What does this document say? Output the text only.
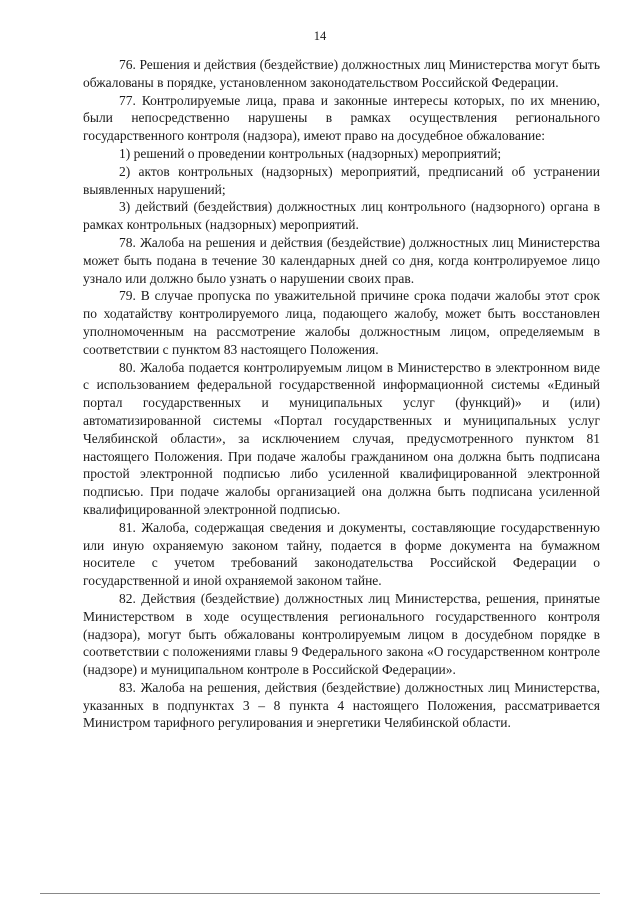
14

76. Решения и действия (бездействие) должностных лиц Министерства могут быть обжалованы в порядке, установленном законодательством Российской Федерации.

77. Контролируемые лица, права и законные интересы которых, по их мнению, были непосредственно нарушены в рамках осуществления регионального государственного контроля (надзора), имеют право на досудебное обжалование:

1) решений о проведении контрольных (надзорных) мероприятий;

2) актов контрольных (надзорных) мероприятий, предписаний об устранении выявленных нарушений;

3) действий (бездействия) должностных лиц контрольного (надзорного) органа в рамках контрольных (надзорных) мероприятий.

78. Жалоба на решения и действия (бездействие) должностных лиц Министерства может быть подана в течение 30 календарных дней со дня, когда контролируемое лицо узнало или должно было узнать о нарушении своих прав.

79. В случае пропуска по уважительной причине срока подачи жалобы этот срок по ходатайству контролируемого лица, подающего жалобу, может быть восстановлен уполномоченным на рассмотрение жалобы должностным лицом, определяемым в соответствии с пунктом 83 настоящего Положения.

80. Жалоба подается контролируемым лицом в Министерство в электронном виде с использованием федеральной государственной информационной системы «Единый портал государственных и муниципальных услуг (функций)» и (или) автоматизированной системы «Портал государственных и муниципальных услуг Челябинской области», за исключением случая, предусмотренного пунктом 81 настоящего Положения. При подаче жалобы гражданином она должна быть подписана простой электронной подписью либо усиленной квалифицированной электронной подписью. При подаче жалобы организацией она должна быть подписана усиленной квалифицированной электронной подписью.

81. Жалоба, содержащая сведения и документы, составляющие государственную или иную охраняемую законом тайну, подается в форме документа на бумажном носителе с учетом требований законодательства Российской Федерации о государственной и иной охраняемой законом тайне.

82. Действия (бездействие) должностных лиц Министерства, решения, принятые Министерством в ходе осуществления регионального государственного контроля (надзора), могут быть обжалованы контролируемым лицом в досудебном порядке в соответствии с положениями главы 9 Федерального закона «О государственном контроле (надзоре) и муниципальном контроле в Российской Федерации».

83. Жалоба на решения, действия (бездействие) должностных лиц Министерства, указанных в подпунктах 3 – 8 пункта 4 настоящего Положения, рассматривается Министром тарифного регулирования и энергетики Челябинской области.
